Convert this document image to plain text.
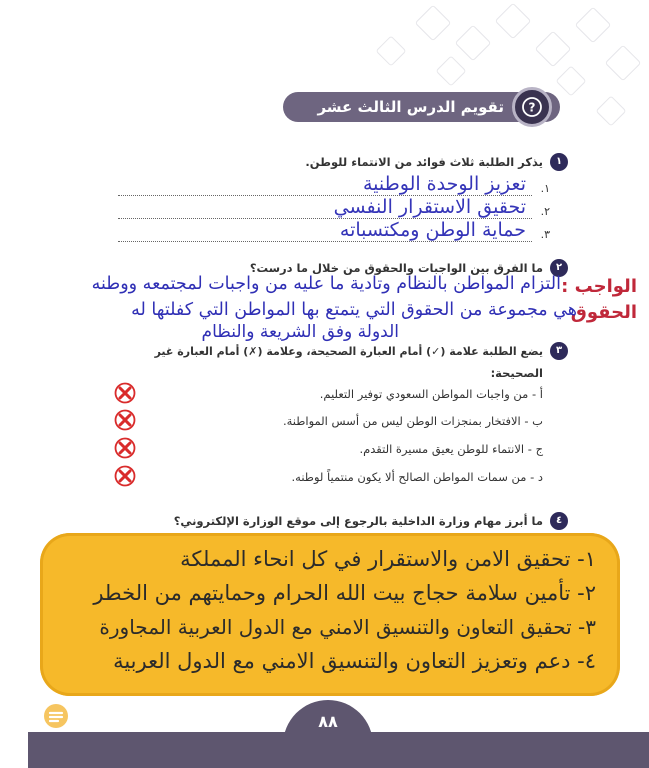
تقويم الدرس الثالث عشر	?
١
يذكر الطلبة ثلاث فوائد من الانتماء للوطن.
١.
تعزيز الوحدة الوطنية
٢.
تحقيق الاستقرار النفسي
٣.
حماية الوطن ومكتسباته
٢
ما الفرق بين الواجبات والحقوق من خلال ما درست؟
الواجب :
التزام المواطن بالنظام وتادية ما عليه من واجبات لمجتمعه ووطنه
الحقوق
هي مجموعة من الحقوق التي يتمتع بها المواطن التي كفلتها له
الدولة وفق الشريعة والنظام
٣
يضع الطلبة علامة (✓) أمام العبارة الصحيحة، وعلامة (✗) أمام العبارة غير
الصحيحة:
أ - من واجبات المواطن السعودي توفير التعليم.
ب - الافتخار بمنجزات الوطن ليس من أسس المواطنة.
ج - الانتماء للوطن يعيق مسيرة التقدم.
د - من سمات المواطن الصالح ألا يكون منتمياً لوطنه.
٤
ما أبرز مهام وزارة الداخلية بالرجوع إلى موقع الوزارة الإلكتروني؟
١- تحقيق الامن والاستقرار في كل انحاء المملكة
٢- تأمين سلامة حجاج بيت الله الحرام وحمايتهم من الخطر
٣- تحقيق التعاون والتنسيق الامني مع الدول العربية المجاورة
٤- دعم وتعزيز التعاون والتنسيق الامني مع الدول العربية
٨٨
